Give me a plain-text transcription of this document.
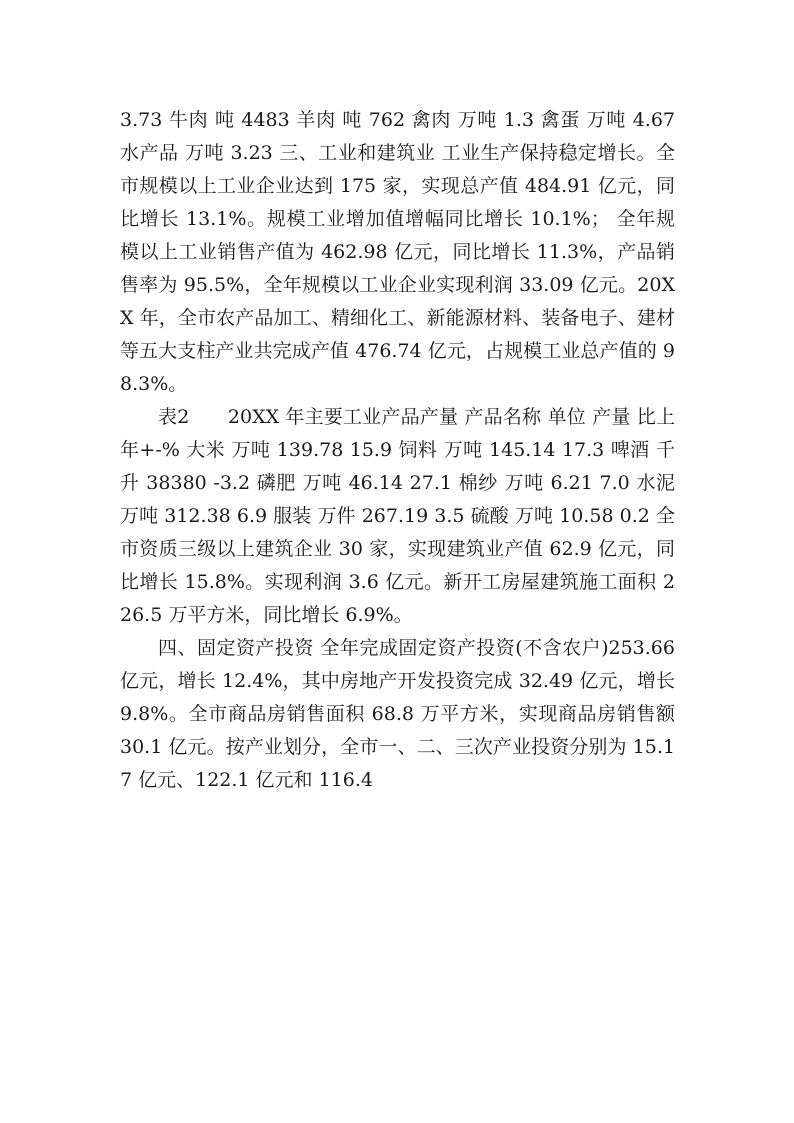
3.73 牛肉 吨 4483 羊肉 吨 762 禽肉 万吨 1.3 禽蛋 万吨 4.67 水产品 万吨 3.23 三、工业和建筑业 工业生产保持稳定增长。全市规模以上工业企业达到 175 家，实现总产值 484.91 亿元，同比增长 13.1%。规模工业增加值增幅同比增长 10.1%； 全年规模以上工业销售产值为 462.98 亿元，同比增长 11.3%，产品销售率为 95.5%，全年规模以工业企业实现利润 33.09 亿元。20XX 年，全市农产品加工、精细化工、新能源材料、装备电子、建材等五大支柱产业共完成产值 476.74 亿元，占规模工业总产值的 98.3%。

表2　　20XX 年主要工业产品产量 产品名称 单位 产量 比上年+-% 大米 万吨 139.78 15.9 饲料 万吨 145.14 17.3 啤酒 千升 38380 -3.2 磷肥 万吨 46.14 27.1 棉纱 万吨 6.21 7.0 水泥 万吨 312.38 6.9 服装 万件 267.19 3.5 硫酸 万吨 10.58 0.2 全市资质三级以上建筑企业 30 家，实现建筑业产值 62.9 亿元，同比增长 15.8%。实现利润 3.6 亿元。新开工房屋建筑施工面积 226.5 万平方米，同比增长 6.9%。

四、固定资产投资 全年完成固定资产投资(不含农户)253.66 亿元，增长 12.4%，其中房地产开发投资完成 32.49 亿元，增长 9.8%。全市商品房销售面积 68.8 万平方米，实现商品房销售额 30.1 亿元。按产业划分，全市一、二、三次产业投资分别为 15.17 亿元、122.1 亿元和 116.4
